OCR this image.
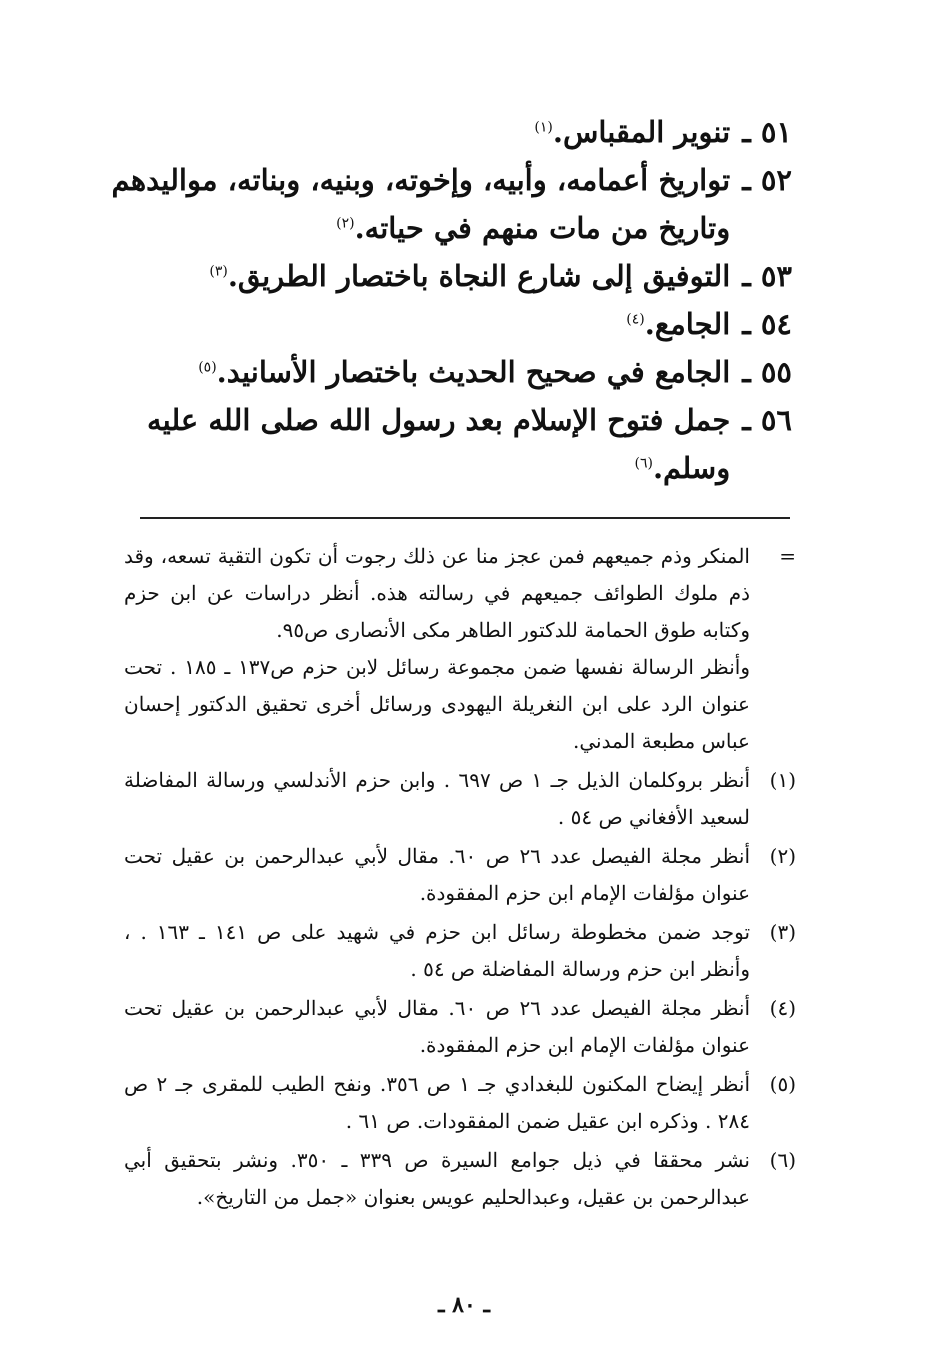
٥١ ـ
تنوير المقباس.$^{(١)}$
٥٢ ـ
تواريخ أعمامه، وأبيه، وإخوته، وبنيه، وبناته، مواليدهم وتاريخ من مات منهم في حياته.$^{(٢)}$
٥٣ ـ
التوفيق إلى شارع النجاة باختصار الطريق.$^{(٣)}$
٥٤ ـ
الجامع.$^{(٤)}$
٥٥ ـ
الجامع في صحيح الحديث باختصار الأسانيد.$^{(٥)}$
٥٦ ـ
جمل فتوح الإسلام بعد رسول الله صلى الله عليه وسلم.$^{(٦)}$
=

المنكر وذم جميعهم فمن عجز منا عن ذلك رجوت أن تكون التقية تسعه، وقد ذم ملوك الطوائف جميعهم في رسالته هذه. أنظر دراسات عن ابن حزم وكتابه طوق الحمامة للدكتور الطاهر مكى الأنصارى ص٩٥.

وأنظر الرسالة نفسها ضمن مجموعة رسائل لابن حزم ص١٣٧ ـ ١٨٥ . تحت عنوان الرد على ابن النغريلة اليهودى ورسائل أخرى تحقيق الدكتور إحسان عباس مطبعة المدني.

(١)
أنظر بروكلمان الذيل جـ ١ ص ٦٩٧ . وابن حزم الأندلسي ورسالة المفاضلة لسعيد الأفغاني ص ٥٤ .
(٢)
أنظر مجلة الفيصل عدد ٢٦ ص ٦٠. مقال لأبي عبدالرحمن بن عقيل تحت عنوان مؤلفات الإمام ابن حزم المفقودة.
(٣)
توجد ضمن مخطوطة رسائل ابن حزم في شهيد على ص ١٤١ ـ ١٦٣ . ، وأنظر ابن حزم ورسالة المفاضلة ص ٥٤ .
(٤)
أنظر مجلة الفيصل عدد ٢٦ ص ٦٠. مقال لأبي عبدالرحمن بن عقيل تحت عنوان مؤلفات الإمام ابن حزم المفقودة.
(٥)
أنظر إيضاح المكنون للبغدادي جـ ١ ص ٣٥٦. ونفح الطيب للمقرى جـ ٢ ص ٢٨٤ . وذكره ابن عقيل ضمن المفقودات. ص ٦١ .
(٦)
نشر محققا في ذيل جوامع السيرة ص ٣٣٩ ـ ٣٥٠. ونشر بتحقيق أبي عبدالرحمن بن عقيل، وعبدالحليم عويس بعنوان «جمل من التاريخ».
ـ ٨٠ ـ
